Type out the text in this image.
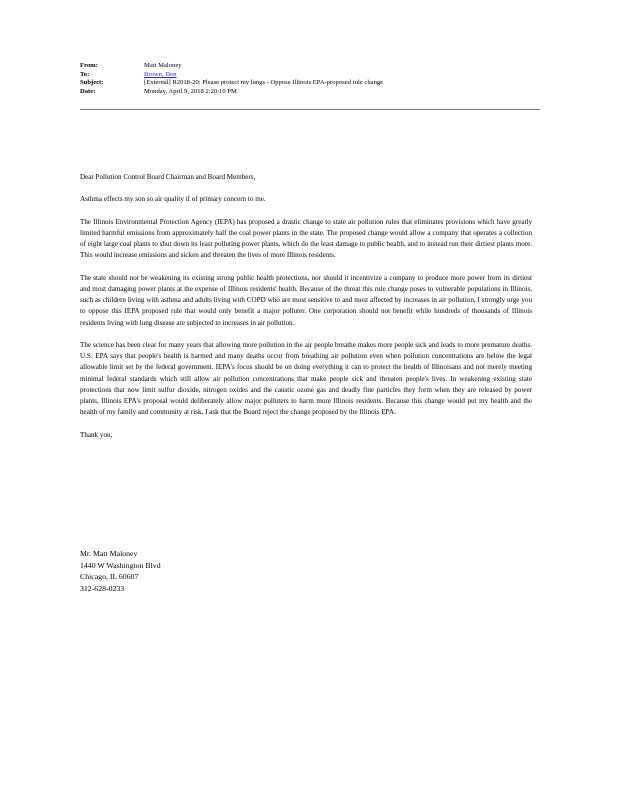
From:	Matt Maloney
To:	Brown, Don
Subject:	[External] R2018-20: Please protect my lungs - Oppose Illinois EPA-proposed rule change
Date:	Monday, April 9, 2018 2:20:10 PM

Dear Pollution Control Board Chairman and Board Members,

Asthma effects my son so air quality if of primary concern to me.

The Illinois Environmental Protection Agency (IEPA) has proposed a drastic change to state air pollution rules that eliminates provisions which have greatly limited harmful emissions from approximately half the coal power plants in the state. The proposed change would allow a company that operates a collection of eight large coal plants to shut down its least polluting power plants, which do the least damage to public health, and to instead run their dirtiest plants more. This would increase emissions and sicken and threaten the lives of more Illinois residents.

The state should not be weakening its existing strong public health protections, nor should it incentivize a company to produce more power from its dirtiest and most damaging power plants at the expense of Illinois residents' health. Because of the threat this rule change poses to vulnerable populations in Illinois, such as children living with asthma and adults living with COPD who are most sensitive to and most affected by increases in air pollution, I strongly urge you to oppose this IEPA proposed rule that would only benefit a major polluter. One corporation should not benefit while hundreds of thousands of Illinois residents living with lung disease are subjected to increases in air pollution.

The science has been clear for many years that allowing more pollution in the air people breathe makes more people sick and leads to more premature deaths. U.S. EPA says that people's health is harmed and many deaths occur from breathing air pollution even when pollution concentrations are below the legal allowable limit set by the federal government. IEPA's focus should be on doing everything it can to protect the health of Illinoisans and not merely meeting minimal federal standards which still allow air pollution concentrations that make people sick and threaten people's lives. In weakening existing state protections that now limit sulfur dioxide, nitrogen oxides and the caustic ozone gas and deadly fine particles they form when they are released by power plants, Illinois EPA's proposal would deliberately allow major polluters to harm more Illinois residents. Because this change would put my health and the health of my family and community at risk, I ask that the Board reject the change proposed by the Illinois EPA.

Thank you,

Mr. Matt Maloney
1440 W Washington Blvd
Chicago, IL 60607
312-628-0233
